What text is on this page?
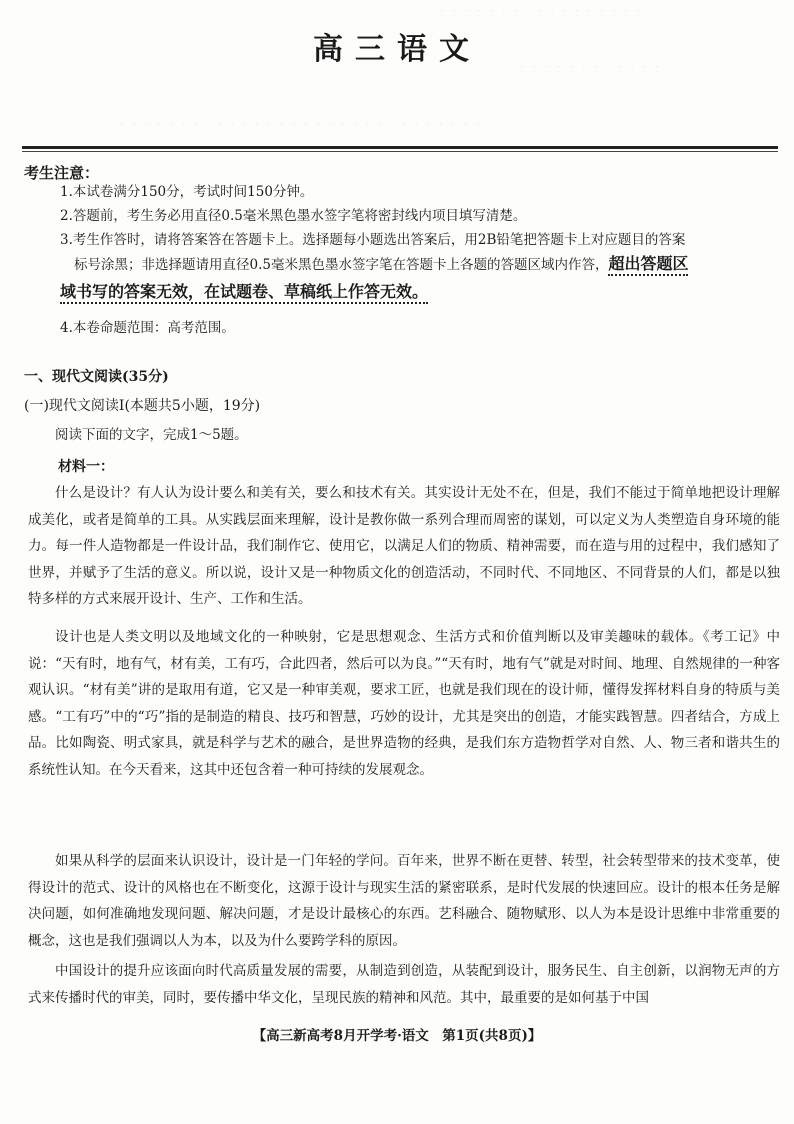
· · · · · · · · · · · · · · · · ·
· · · · · · · · · · · ·
· · · · · · · · · · · · · · · · · · · · · · · · · · · · · ·
高三语文
考生注意：
1.本试卷满分150分，考试时间150分钟。
2.答题前，考生务必用直径0.5毫米黑色墨水签字笔将密封线内项目填写清楚。
3.考生作答时，请将答案答在答题卡上。选择题每小题选出答案后，用2B铅笔把答题卡上对应题目的答案
标号涂黑；非选择题请用直径0.5毫米黑色墨水签字笔在答题卡上各题的答题区域内作答，超出答题区
域书写的答案无效，在试题卷、草稿纸上作答无效。
4.本卷命题范围：高考范围。
一、现代文阅读(35分)
(一)现代文阅读Ⅰ(本题共5小题，19分)
阅读下面的文字，完成1～5题。
材料一：
什么是设计？有人认为设计要么和美有关，要么和技术有关。其实设计无处不在，但是，我们不能过于简单地把设计理解成美化，或者是简单的工具。从实践层面来理解，设计是教你做一系列合理而周密的谋划，可以定义为人类塑造自身环境的能力。每一件人造物都是一件设计品，我们制作它、使用它，以满足人们的物质、精神需要，而在造与用的过程中，我们感知了世界，并赋予了生活的意义。所以说，设计又是一种物质文化的创造活动，不同时代、不同地区、不同背景的人们，都是以独特多样的方式来展开设计、生产、工作和生活。
设计也是人类文明以及地域文化的一种映射，它是思想观念、生活方式和价值判断以及审美趣味的载体。《考工记》中说：“天有时，地有气，材有美，工有巧，合此四者，然后可以为良。”“天有时，地有气”就是对时间、地理、自然规律的一种客观认识。“材有美”讲的是取用有道，它又是一种审美观，要求工匠，也就是我们现在的设计师，懂得发挥材料自身的特质与美感。“工有巧”中的“巧”指的是制造的精良、技巧和智慧，巧妙的设计，尤其是突出的创造，才能实践智慧。四者结合，方成上品。比如陶瓷、明式家具，就是科学与艺术的融合，是世界造物的经典，是我们东方造物哲学对自然、人、物三者和谐共生的系统性认知。在今天看来，这其中还包含着一种可持续的发展观念。
如果从科学的层面来认识设计，设计是一门年轻的学问。百年来，世界不断在更替、转型，社会转型带来的技术变革，使得设计的范式、设计的风格也在不断变化，这源于设计与现实生活的紧密联系，是时代发展的快速回应。设计的根本任务是解决问题，如何准确地发现问题、解决问题，才是设计最核心的东西。艺科融合、随物赋形、以人为本是设计思维中非常重要的概念，这也是我们强调以人为本，以及为什么要跨学科的原因。
中国设计的提升应该面向时代高质量发展的需要，从制造到创造，从装配到设计，服务民生、自主创新，以润物无声的方式来传播时代的审美，同时，要传播中华文化，呈现民族的精神和风范。其中，最重要的是如何基于中国
【高三新高考8月开学考·语文　第1页(共8页)】
